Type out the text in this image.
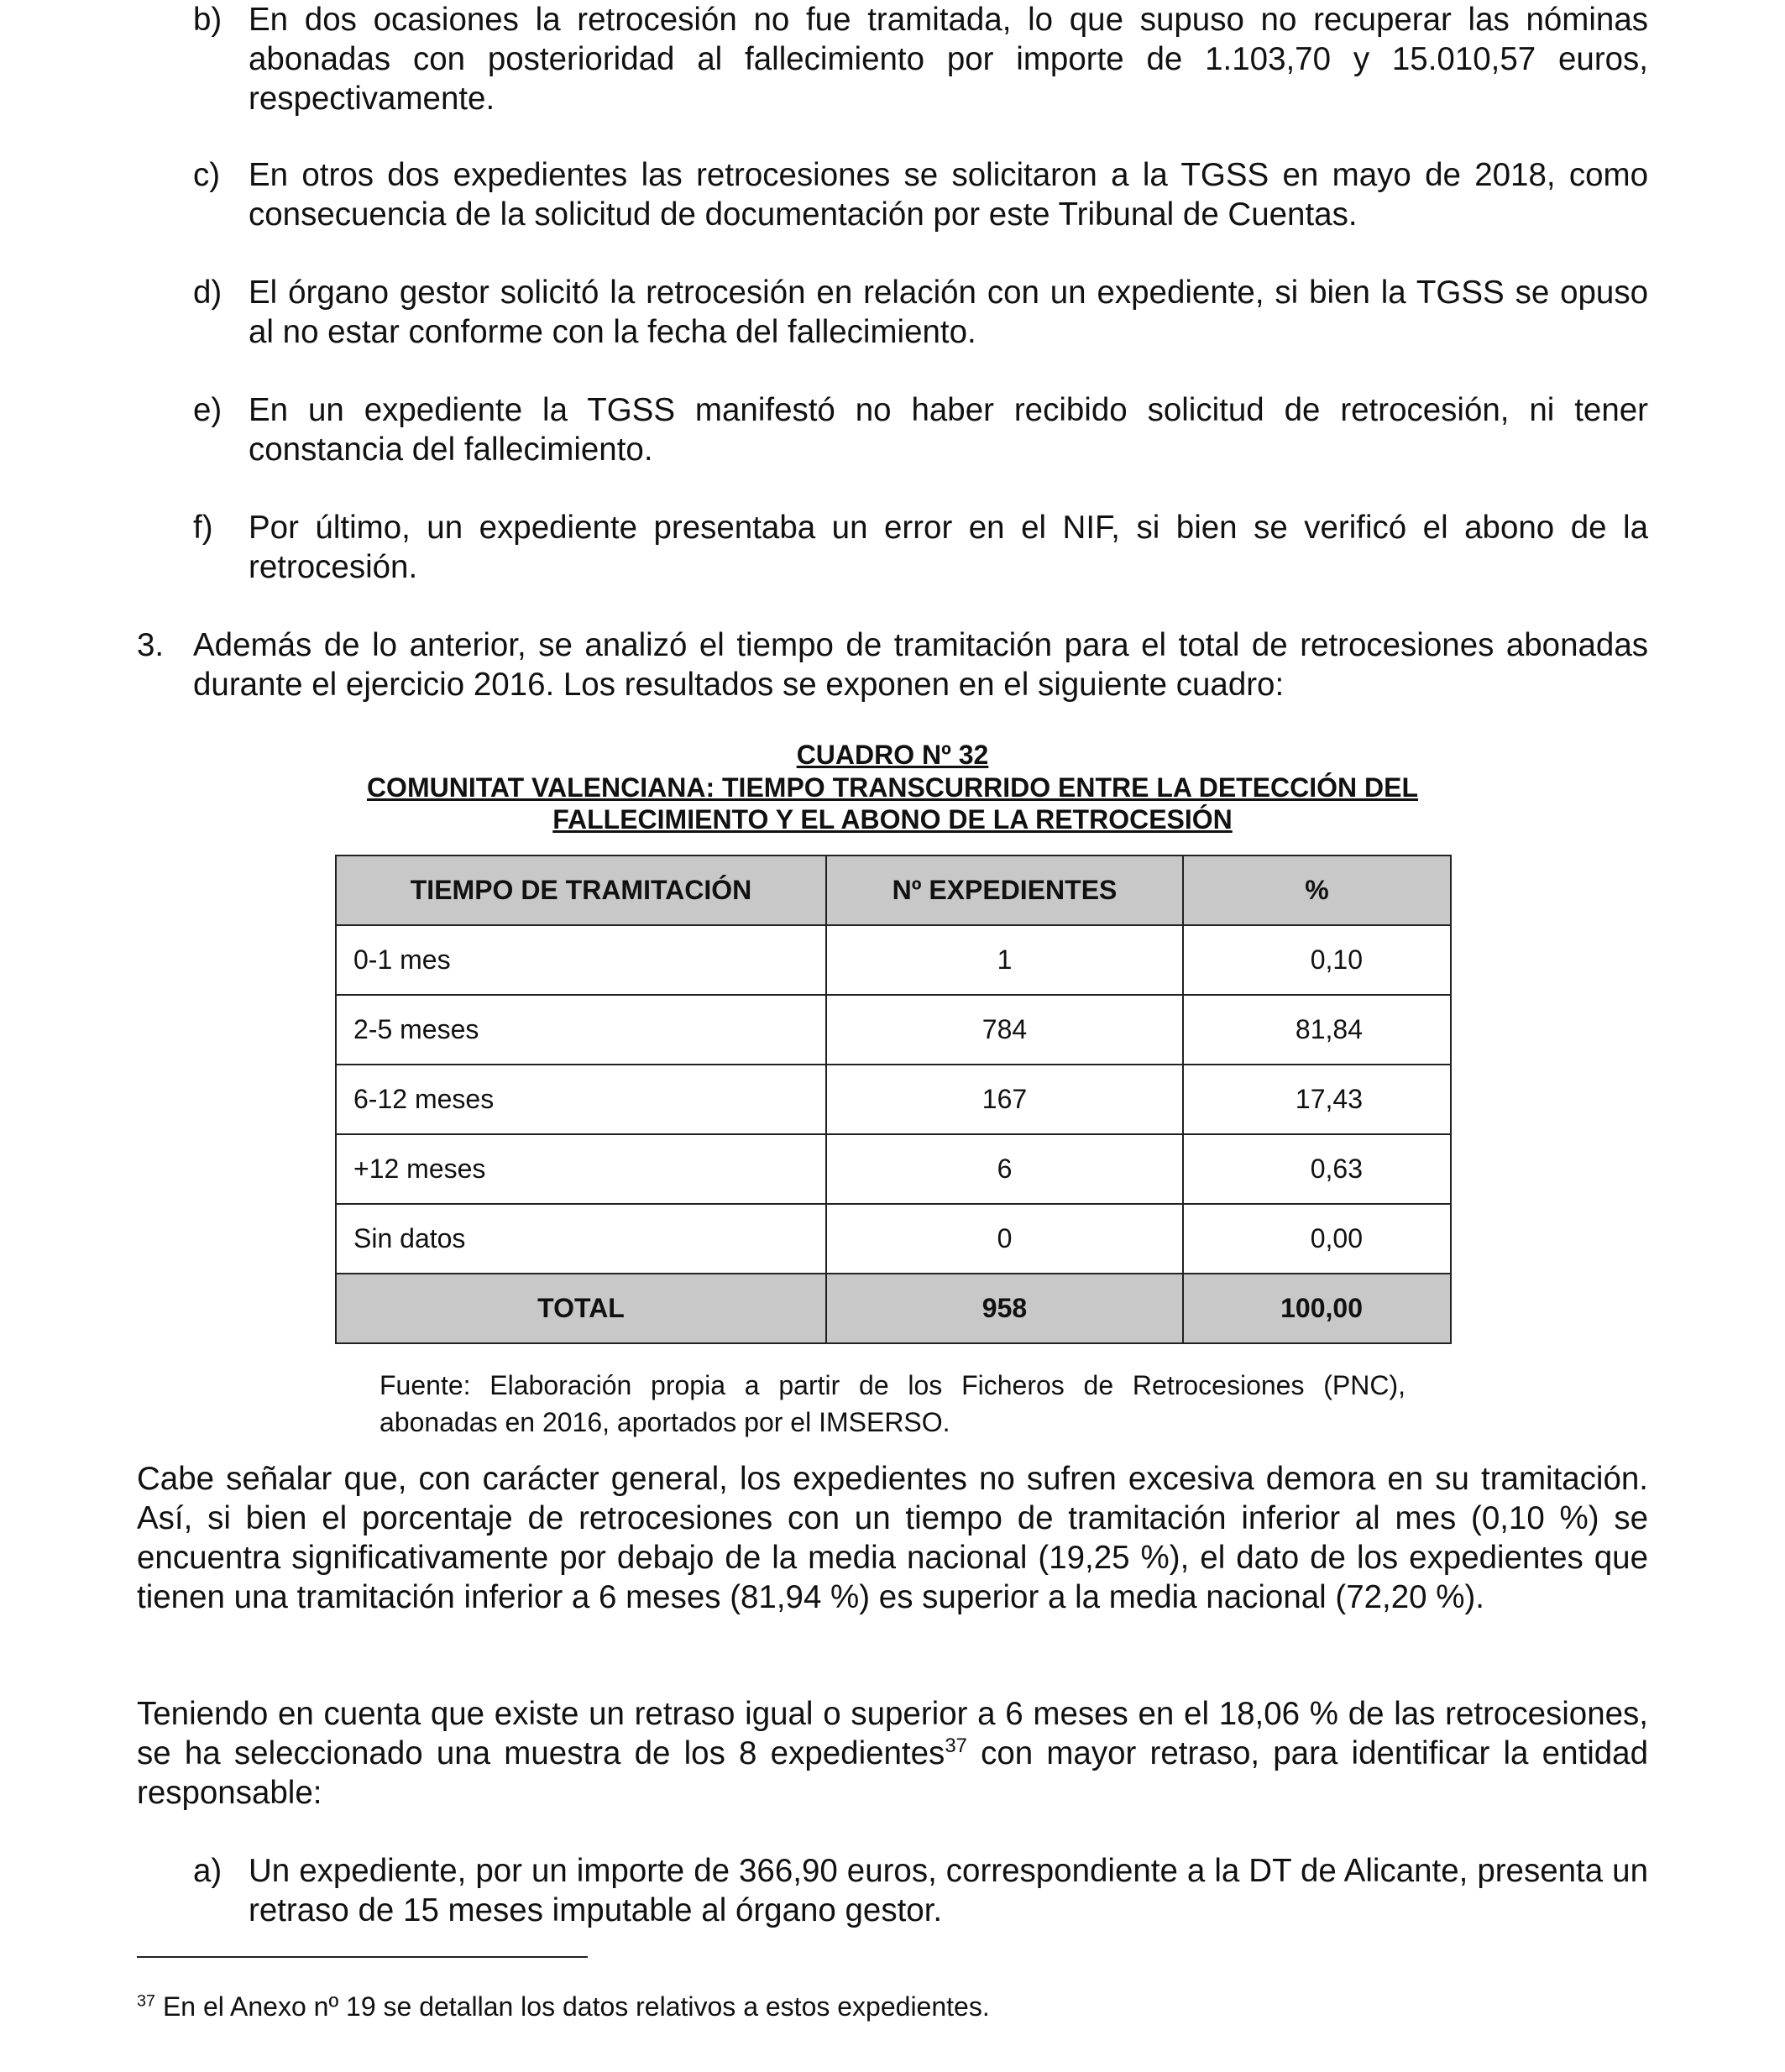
b) En dos ocasiones la retrocesión no fue tramitada, lo que supuso no recuperar las nóminas abonadas con posterioridad al fallecimiento por importe de 1.103,70 y 15.010,57 euros, respectivamente.
c) En otros dos expedientes las retrocesiones se solicitaron a la TGSS en mayo de 2018, como consecuencia de la solicitud de documentación por este Tribunal de Cuentas.
d) El órgano gestor solicitó la retrocesión en relación con un expediente, si bien la TGSS se opuso al no estar conforme con la fecha del fallecimiento.
e) En un expediente la TGSS manifestó no haber recibido solicitud de retrocesión, ni tener constancia del fallecimiento.
f) Por último, un expediente presentaba un error en el NIF, si bien se verificó el abono de la retrocesión.
3. Además de lo anterior, se analizó el tiempo de tramitación para el total de retrocesiones abonadas durante el ejercicio 2016. Los resultados se exponen en el siguiente cuadro:
CUADRO Nº 32
COMUNITAT VALENCIANA: TIEMPO TRANSCURRIDO ENTRE LA DETECCIÓN DEL
FALLECIMIENTO Y EL ABONO DE LA RETROCESIÓN
TIEMPO DE TRAMITACIÓN	Nº EXPEDIENTES	%
0-1 mes	1	0,10
2-5 meses	784	81,84
6-12 meses	167	17,43
+12 meses	6	0,63
Sin datos	0	0,00
TOTAL	958	100,00
Fuente: Elaboración propia a partir de los Ficheros de Retrocesiones (PNC), abonadas en 2016, aportados por el IMSERSO.
Cabe señalar que, con carácter general, los expedientes no sufren excesiva demora en su tramitación. Así, si bien el porcentaje de retrocesiones con un tiempo de tramitación inferior al mes (0,10 %) se encuentra significativamente por debajo de la media nacional (19,25 %), el dato de los expedientes que tienen una tramitación inferior a 6 meses (81,94 %) es superior a la media nacional (72,20 %).
Teniendo en cuenta que existe un retraso igual o superior a 6 meses en el 18,06 % de las retrocesiones, se ha seleccionado una muestra de los 8 expedientes$^{37}$ con mayor retraso, para identificar la entidad responsable:
a) Un expediente, por un importe de 366,90 euros, correspondiente a la DT de Alicante, presenta un retraso de 15 meses imputable al órgano gestor.
$^{37}$ En el Anexo nº 19 se detallan los datos relativos a estos expedientes.
